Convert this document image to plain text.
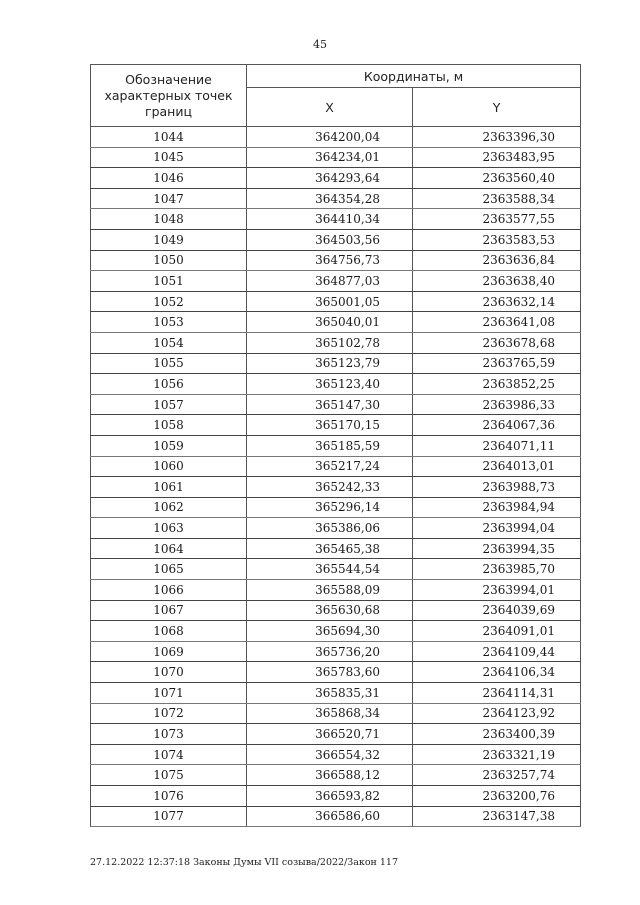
45
Обозначение
характерных точек
границ	Координаты, м	
	X	Y
1044	364200,04	2363396,30
1045	364234,01	2363483,95
1046	364293,64	2363560,40
1047	364354,28	2363588,34
1048	364410,34	2363577,55
1049	364503,56	2363583,53
1050	364756,73	2363636,84
1051	364877,03	2363638,40
1052	365001,05	2363632,14
1053	365040,01	2363641,08
1054	365102,78	2363678,68
1055	365123,79	2363765,59
1056	365123,40	2363852,25
1057	365147,30	2363986,33
1058	365170,15	2364067,36
1059	365185,59	2364071,11
1060	365217,24	2364013,01
1061	365242,33	2363988,73
1062	365296,14	2363984,94
1063	365386,06	2363994,04
1064	365465,38	2363994,35
1065	365544,54	2363985,70
1066	365588,09	2363994,01
1067	365630,68	2364039,69
1068	365694,30	2364091,01
1069	365736,20	2364109,44
1070	365783,60	2364106,34
1071	365835,31	2364114,31
1072	365868,34	2364123,92
1073	366520,71	2363400,39
1074	366554,32	2363321,19
1075	366588,12	2363257,74
1076	366593,82	2363200,76
1077	366586,60	2363147,38
27.12.2022 12:37:18 Законы Думы VII созыва/2022/Закон 117
